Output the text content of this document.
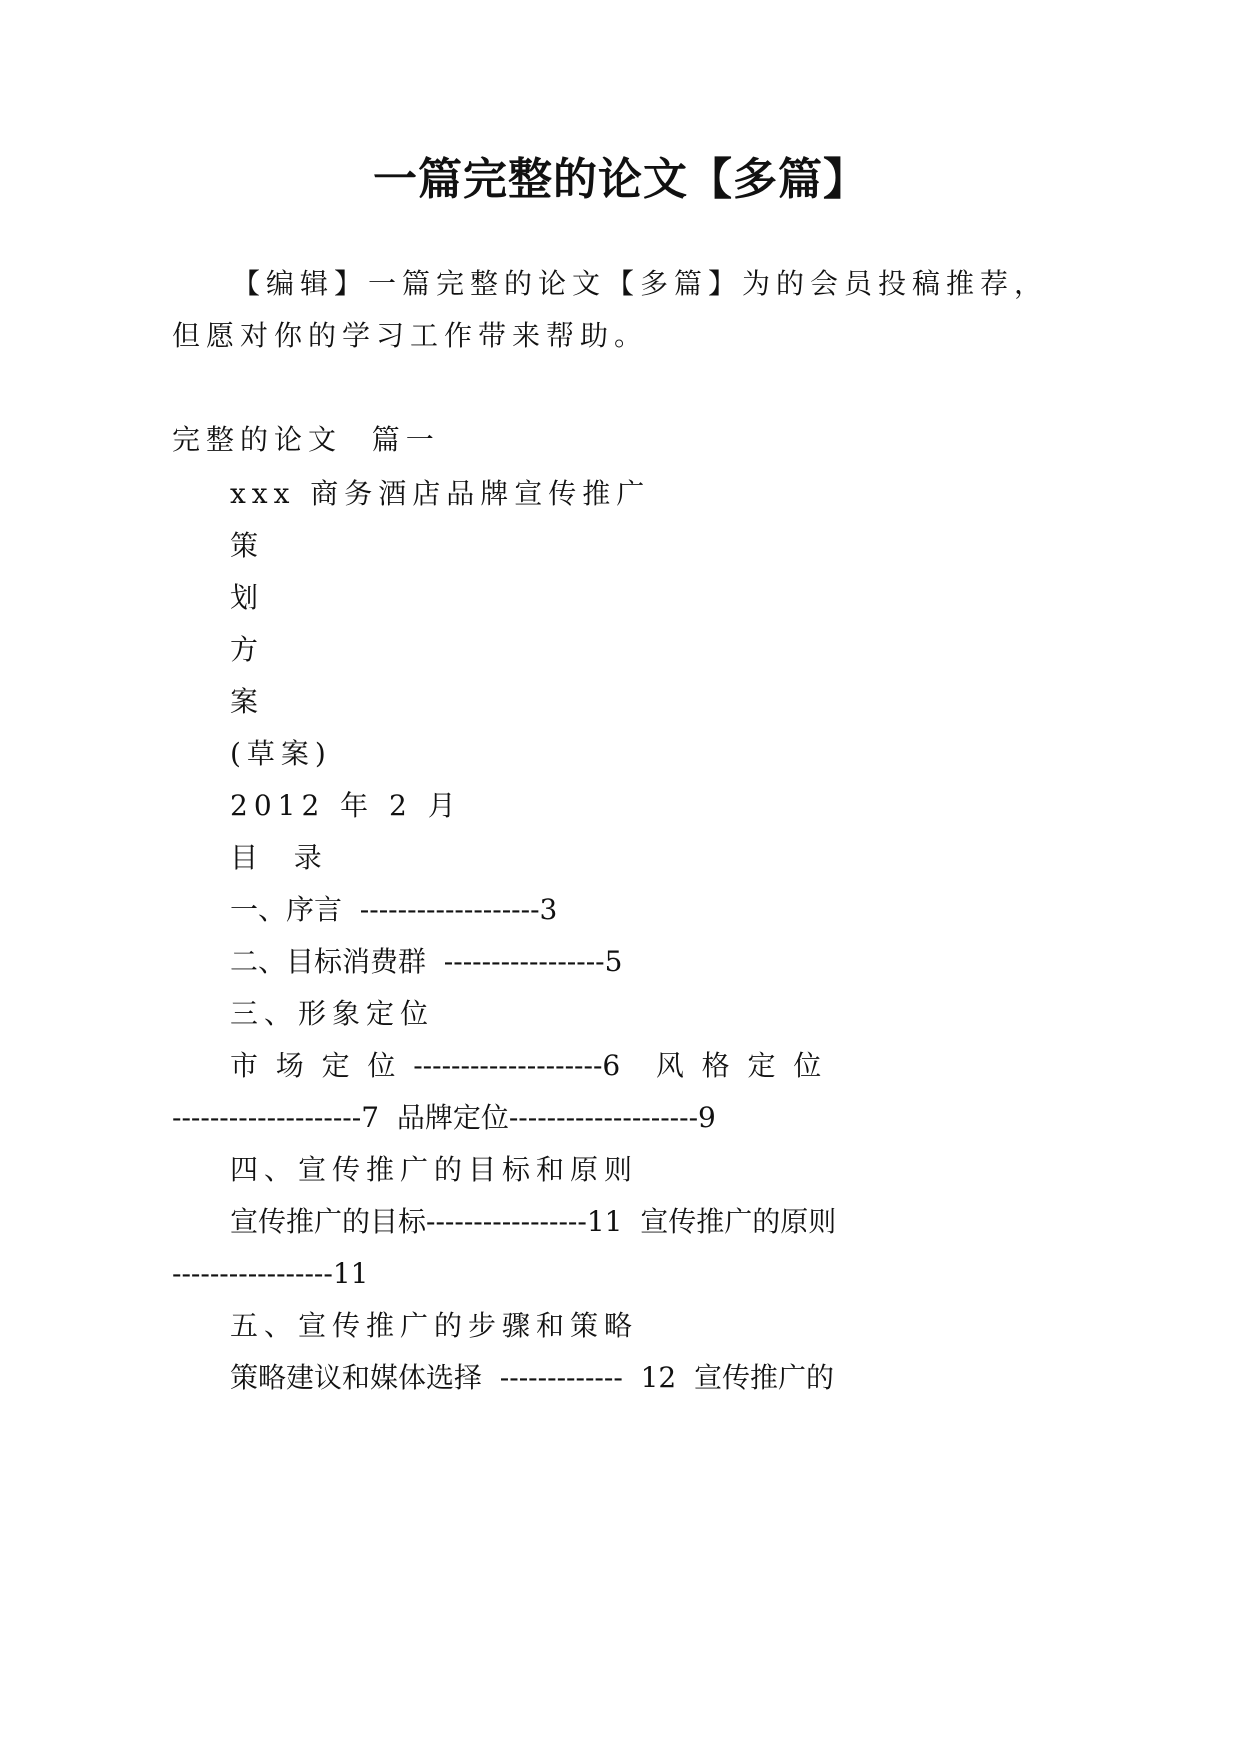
一篇完整的论文【多篇】
【编辑】一篇完整的论文【多篇】为的会员投稿推荐，
但愿对你的学习工作带来帮助。
完整的论文  篇一
xxx 商务酒店品牌宣传推广
策
划
方
案
(草案)
2012 年 2 月
目  录
一、序言  -------------------3
二、目标消费群  -----------------5
三、形象定位
市  场  定  位  --------------------6    风  格  定  位
--------------------7  品牌定位--------------------9
四、宣传推广的目标和原则
宣传推广的目标-----------------11  宣传推广的原则
-----------------11
五、宣传推广的步骤和策略
策略建议和媒体选择  -------------  12  宣传推广的
